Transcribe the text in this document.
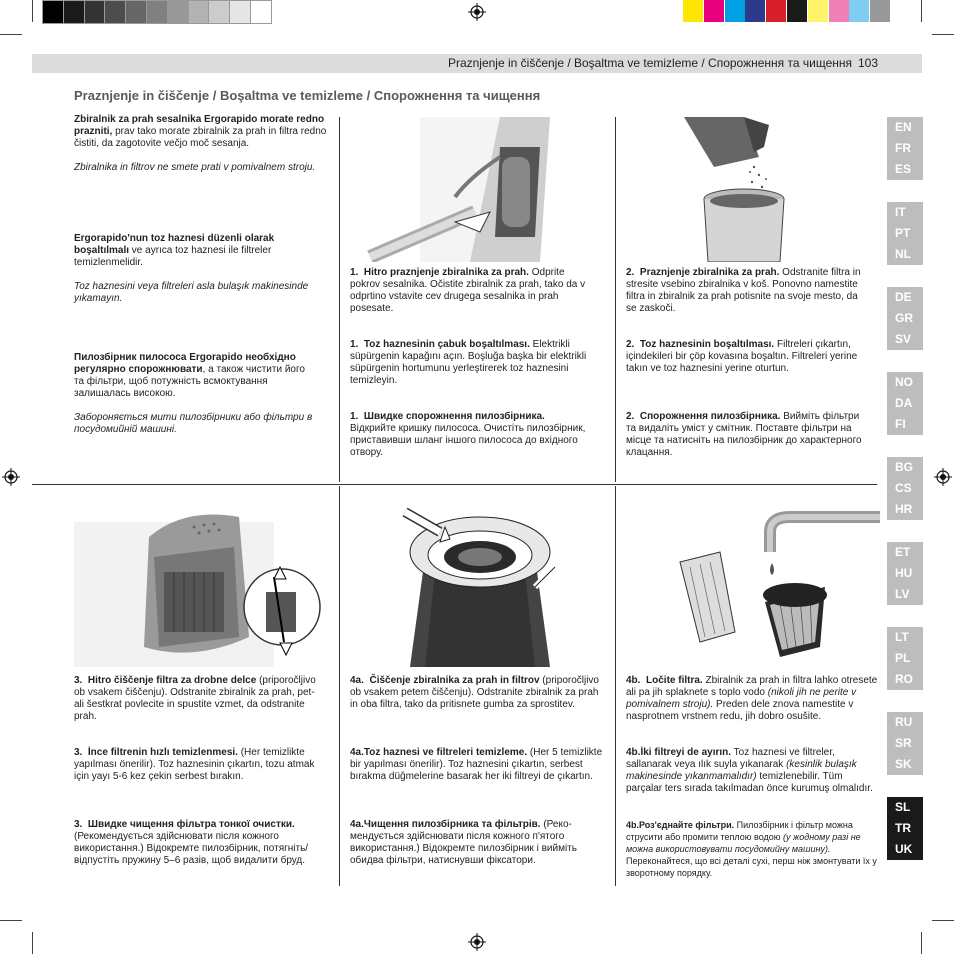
Praznjenje in čiščenje / Boşaltma ve temizleme / Спорожнення та чищення 103
Praznjenje in čiščenje / Boşaltma ve temizleme / Спорожнення та чищення
Zbiralnik za prah sesalnika Ergorapido morate redno prazniti, prav tako morate zbiralnik za prah in filtra redno čistiti, da zagotovite večjo moč sesanja.
Zbiralnika in filtrov ne smete prati v pomivalnem stroju.
Ergorapido'nun toz haznesi düzenli olarak boşaltılmalı ve ayrıca toz haznesi ile filtreler temizlenmelidir.
Toz haznesini veya filtreleri asla bulaşık makinesinde yıkamayın.
Пилозбірник пилососа Ergorapido необхідно регулярно спорожнювати, а також чистити його та фільтри, щоб потужність всмоктування залишалась високою.
Забороняється мити пилозбірники або фільтри в посудомийній машині.
1. Hitro praznjenje zbiralnika za prah. Odprite pokrov sesalnika. Očistite zbiralnik za prah, tako da v odprtino vstavite cev drugega sesalnika in prah posesate.
1. Toz haznesinin çabuk boşaltılması. Elektrikli süpürgenin kapağını açın. Boşluğa başka bir elektrikli süpürgenin hortumunu yerleştirerek toz haznesini temizleyin.
1. Швидке спорожнення пилозбірника. Відкрийте кришку пилососа. Очистіть пилозбірник, приставивши шланг іншого пилососа до вхідного отвору.
2. Praznjenje zbiralnika za prah. Odstranite filtra in stresite vsebino zbiralnika v koš. Ponovno namestite filtra in zbiralnik za prah potisnite na svoje mesto, da se zaskoči.
2. Toz haznesinin boşaltılması. Filtreleri çıkartın, içindekileri bir çöp kovasına boşaltın. Filtreleri yerine takın ve toz haznesini yerine oturtun.
2. Спорожнення пилозбірника. Вийміть фільтри та видаліть уміст у смітник. Поставте фільтри на місце та натисніть на пилозбірник до характерного клацання.
3. Hitro čiščenje filtra za drobne delce (priporočljivo ob vsakem čiščenju). Odstranite zbiralnik za prah, pet- ali šestkrat povlecite in spustite vzmet, da odstranite prah.
3. İnce filtrenin hızlı temizlenmesi. (Her temizlikte yapılması önerilir). Toz haznesinin çıkartın, tozu atmak için yayı 5-6 kez çekin serbest bırakın.
3. Швидке чищення фільтра тонкої очистки. (Рекомендується здійснювати після кожного використання.) Відокремте пилозбірник, потягніть/відпустіть пружину 5–6 разів, щоб видалити бруд.
4a. Čiščenje zbiralnika za prah in filtrov (priporočljivo ob vsakem petem čiščenju). Odstranite zbiralnik za prah in oba filtra, tako da pritisnete gumba za sprostitev.
4a.Toz haznesi ve filtreleri temizleme. (Her 5 temizlikte bir yapılması önerilir). Toz haznesini çıkartın, serbest bırakma düğmelerine basarak her iki filtreyi de çıkartın.
4a.Чищення пилозбірника та фільтрів. (Реко-мендується здійснювати після кожного п'ятого використання.) Відокремте пилозбірник і вийміть обидва фільтри, натиснувши фіксатори.
4b. Ločite filtra. Zbiralnik za prah in filtra lahko otresete ali pa jih splaknete s toplo vodo (nikoli jih ne perite v pomivalnem stroju). Preden dele znova namestite v nasprotnem vrstnem redu, jih dobro osušite.
4b.İki filtreyi de ayırın. Toz haznesi ve filtreler, sallanarak veya ılık suyla yıkanarak (kesinlik bulaşık makinesinde yıkanmamalıdır) temizlenebilir. Tüm parçalar ters sırada takılmadan önce kurumuş olmalıdır.
4b.Роз'єднайте фільтри. Пилозбірник і фільтр можна струсити або промити теплою водою (у жодному разі не можна використовувати посудомийну машину). Переконайтеся, що всі деталі сухі, перш ніж змонтувати їх у зворотному порядку.
EN
FR
ES
IT
PT
NL
DE
GR
SV
NO
DA
FI
BG
CS
HR
ET
HU
LV
LT
PL
RO
RU
SR
SK
SL
TR
UK
